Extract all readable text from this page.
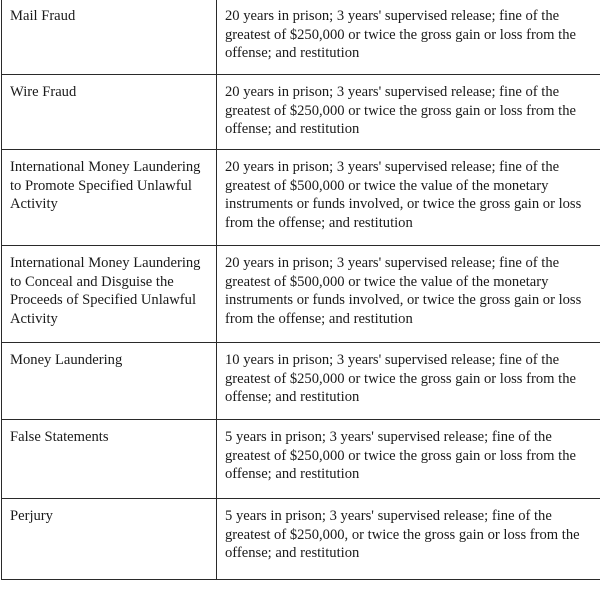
Mail Fraud	20 years in prison; 3 years' supervised release; fine of the greatest of $250,000 or twice the gross gain or loss from the offense; and restitution
Wire Fraud	20 years in prison; 3 years' supervised release; fine of the greatest of $250,000 or twice the gross gain or loss from the offense; and restitution
International Money Laundering to Promote Specified Unlawful Activity	20 years in prison; 3 years' supervised release; fine of the greatest of $500,000 or twice the value of the monetary instruments or funds involved, or twice the gross gain or loss from the offense; and restitution
International Money Laundering to Conceal and Disguise the Proceeds of Specified Unlawful Activity	20 years in prison; 3 years' supervised release; fine of the greatest of $500,000 or twice the value of the monetary instruments or funds involved, or twice the gross gain or loss from the offense; and restitution
Money Laundering	10 years in prison; 3 years' supervised release; fine of the greatest of $250,000 or twice the gross gain or loss from the offense; and restitution
False Statements	5 years in prison; 3 years' supervised release; fine of the greatest of $250,000 or twice the gross gain or loss from the offense; and restitution
Perjury	5 years in prison; 3 years' supervised release; fine of the greatest of $250,000, or twice the gross gain or loss from the offense; and restitution
